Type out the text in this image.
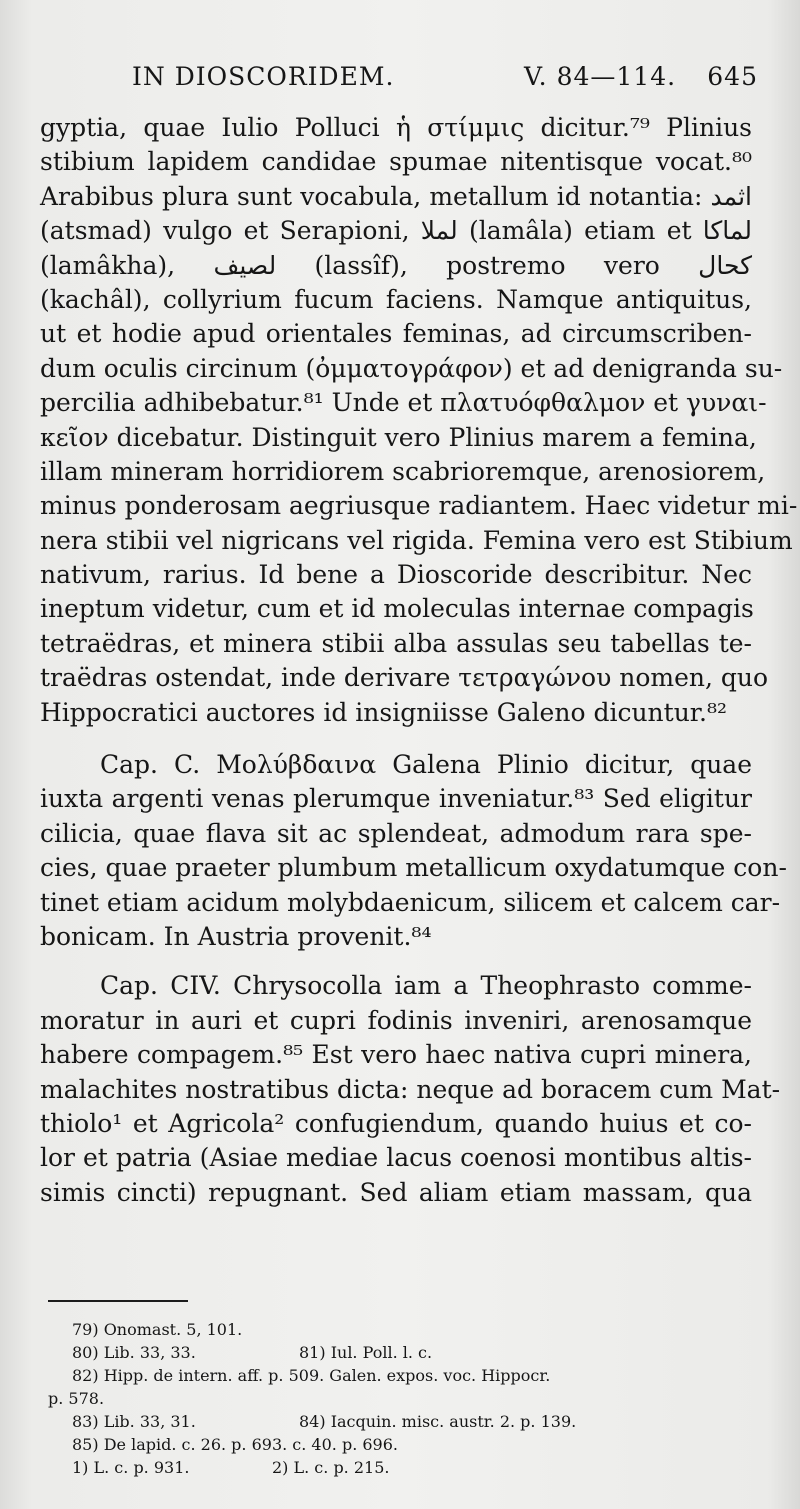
IN DIOSCORIDEM.	V. 84—114. 645
gyptia, quae Iulio Polluci ἡ στίμμις dicitur.⁷⁹ Plinius
stibium lapidem candidae spumae nitentisque vocat.⁸⁰
Arabibus plura sunt vocabula, metallum id notantia: اثمد
(atsmad) vulgo et Serapioni, لملا (lamâla) etiam et لماكا
(lamâkha), لصيف (lassîf), postremo vero كحال
(kachâl), collyrium fucum faciens. Namque antiquitus,
ut et hodie apud orientales feminas, ad circumscriben-
dum oculis circinum (ὀμματογράφον) et ad denigranda su-
percilia adhibebatur.⁸¹ Unde et πλατυόφθαλμον et γυναι-
κεῖον dicebatur. Distinguit vero Plinius marem a femina,
illam mineram horridiorem scabrioremque, arenosiorem,
minus ponderosam aegriusque radiantem. Haec videtur mi-
nera stibii vel nigricans vel rigida. Femina vero est Stibium
nativum, rarius. Id bene a Dioscoride describitur. Nec
ineptum videtur, cum et id moleculas internae compagis
tetraëdras, et minera stibii alba assulas seu tabellas te-
traëdras ostendat, inde derivare τετραγώνου nomen, quo
Hippocratici auctores id insigniisse Galeno dicuntur.⁸²
Cap. C. Μολύβδαινα Galena Plinio dicitur, quae
iuxta argenti venas plerumque inveniatur.⁸³ Sed eligitur
cilicia, quae flava sit ac splendeat, admodum rara spe-
cies, quae praeter plumbum metallicum oxydatumque con-
tinet etiam acidum molybdaenicum, silicem et calcem car-
bonicam. In Austria provenit.⁸⁴
Cap. CIV. Chrysocolla iam a Theophrasto comme-
moratur in auri et cupri fodinis inveniri, arenosamque
habere compagem.⁸⁵ Est vero haec nativa cupri minera,
malachites nostratibus dicta: neque ad boracem cum Mat-
thiolo¹ et Agricola² confugiendum, quando huius et co-
lor et patria (Asiae mediae lacus coenosi montibus altis-
simis cincti) repugnant. Sed aliam etiam massam, qua
79) Onomast. 5, 101.
80) Lib. 33, 33.	81) Iul. Poll. l. c.
82) Hipp. de intern. aff. p. 509. Galen. expos. voc. Hippocr.
p. 578.
83) Lib. 33, 31.	84) Iacquin. misc. austr. 2. p. 139.
85) De lapid. c. 26. p. 693. c. 40. p. 696.
1) L. c. p. 931.	2) L. c. p. 215.
